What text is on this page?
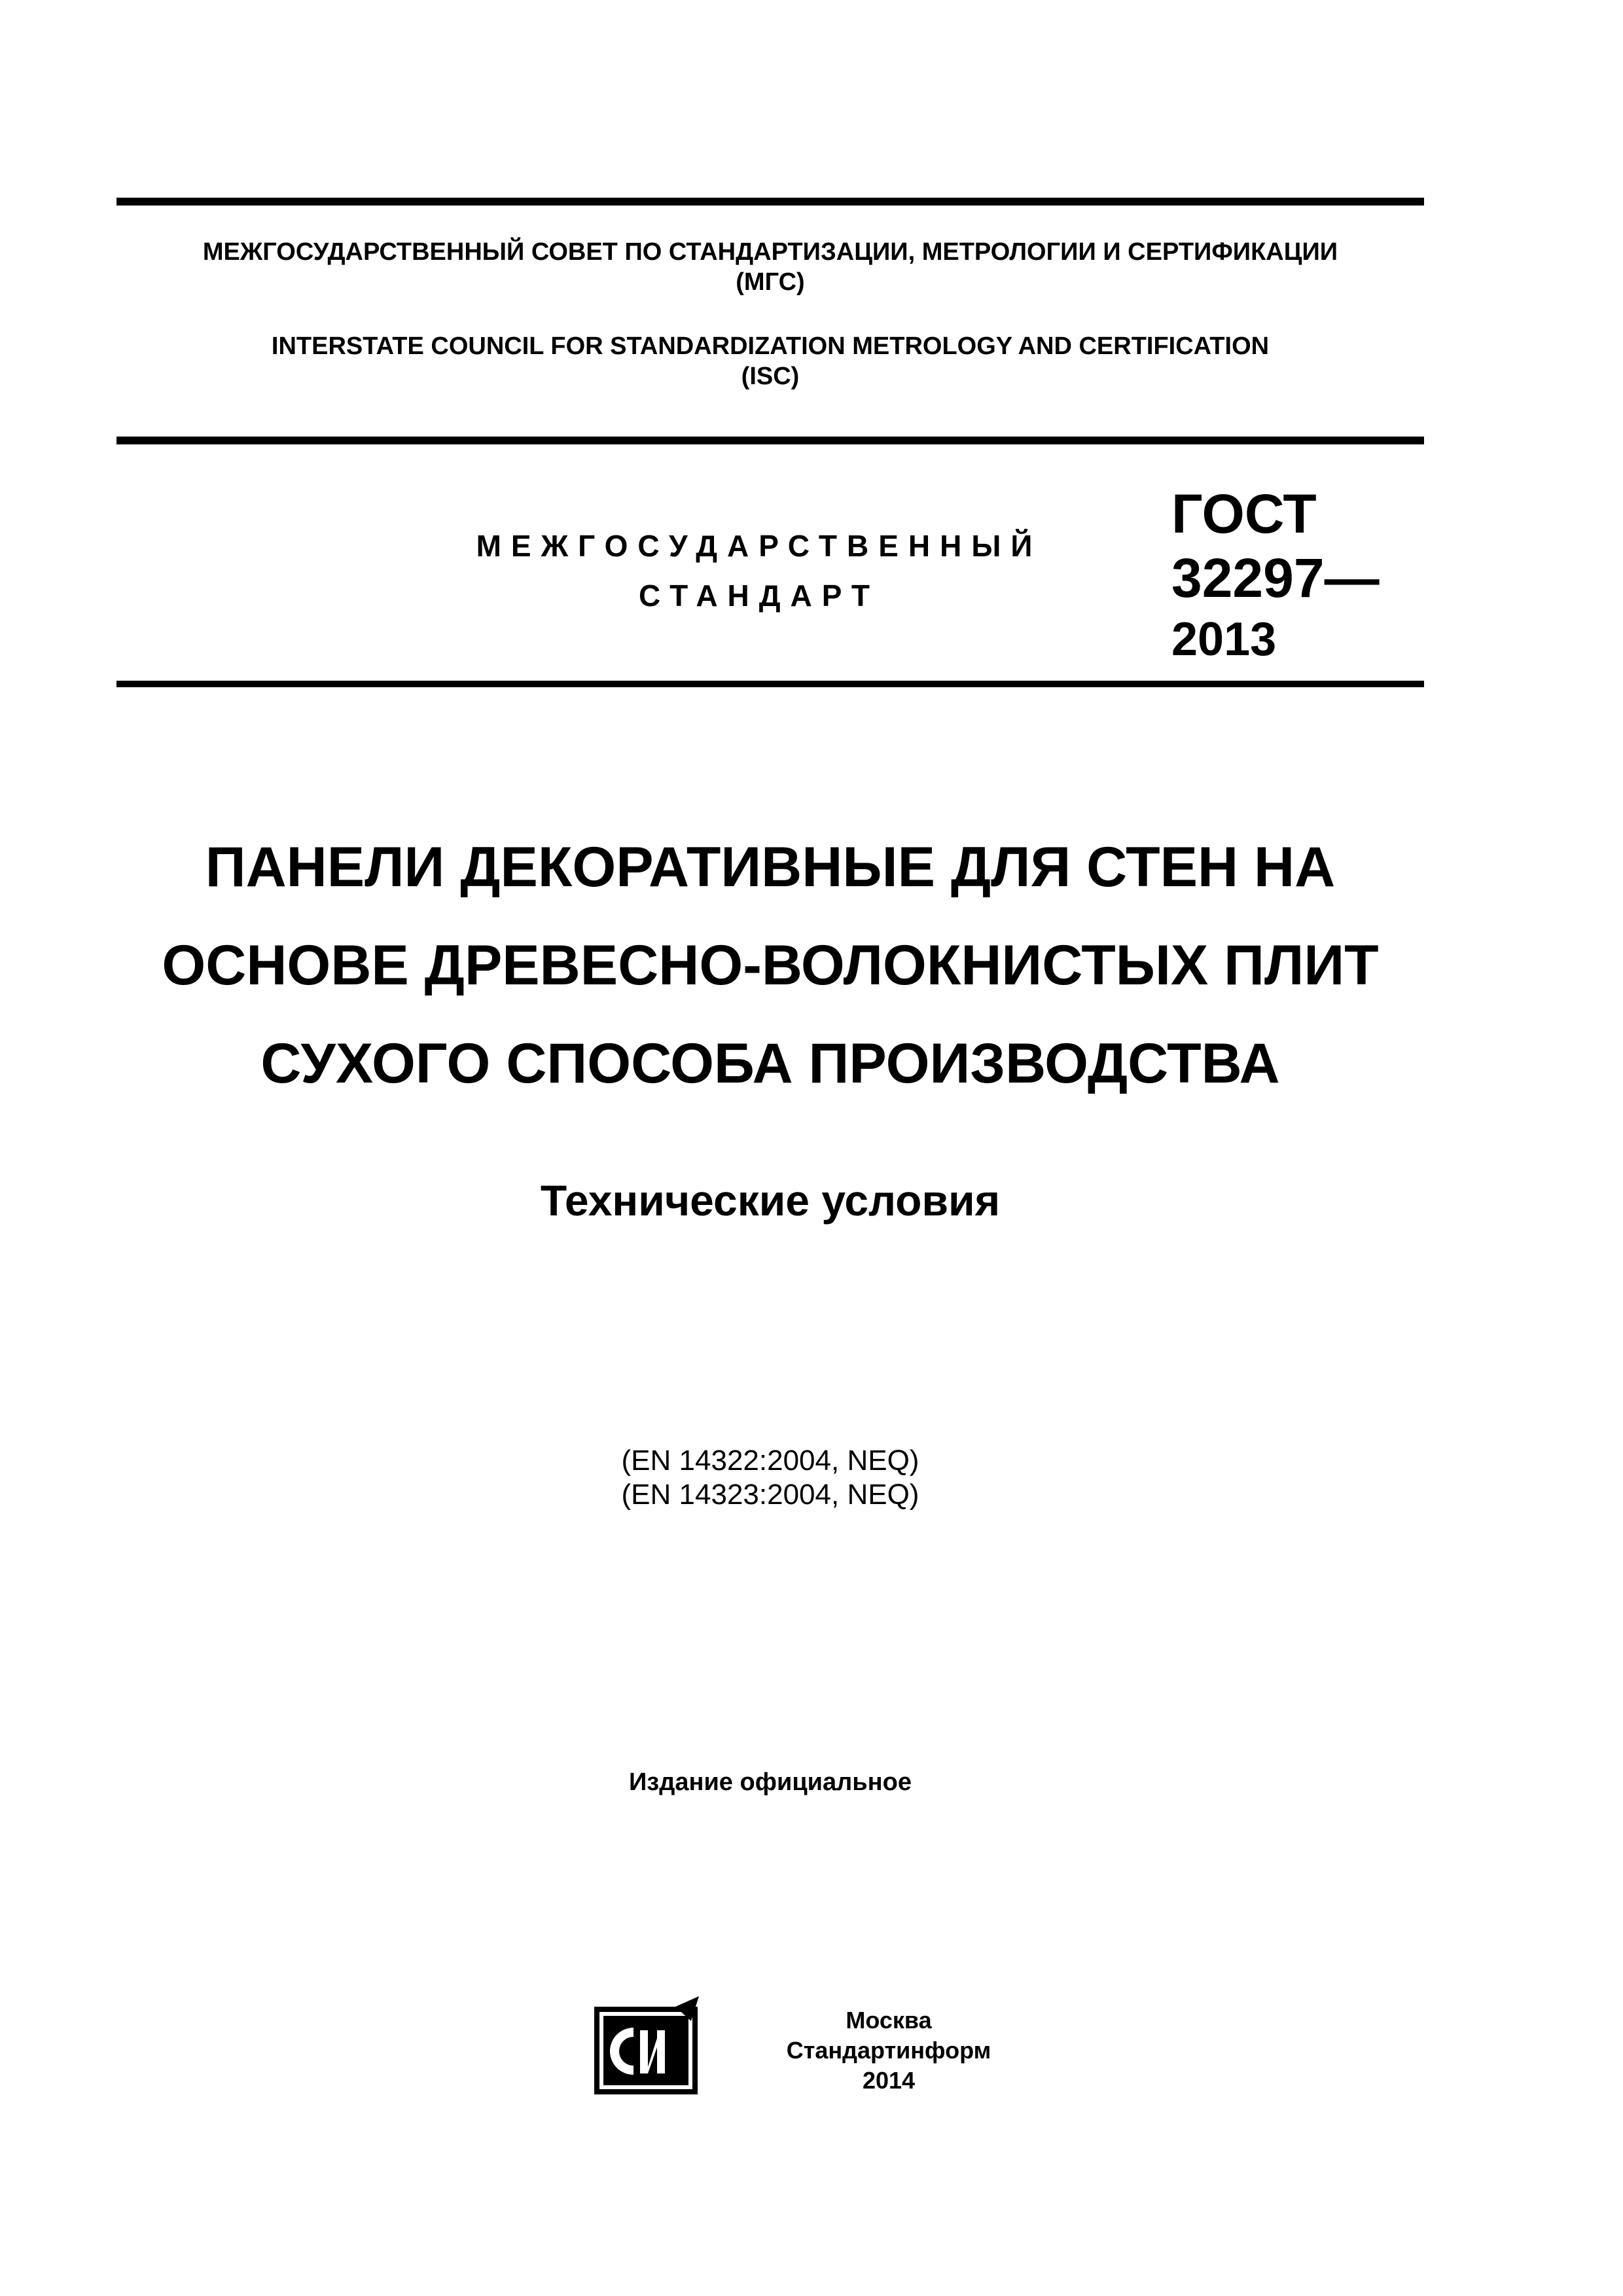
МЕЖГОСУДАРСТВЕННЫЙ СОВЕТ ПО СТАНДАРТИЗАЦИИ, МЕТРОЛОГИИ И СЕРТИФИКАЦИИ
(МГС)
INTERSTATE COUNCIL FOR STANDARDIZATION METROLOGY AND CERTIFICATION
(ISC)
МЕЖГОСУДАРСТВЕННЫЙ
СТАНДАРТ
ГОСТ
32297—
2013
ПАНЕЛИ ДЕКОРАТИВНЫЕ ДЛЯ СТЕН НА
ОСНОВЕ ДРЕВЕСНО-ВОЛОКНИСТЫХ ПЛИТ
СУХОГО СПОСОБА ПРОИЗВОДСТВА
Технические условия
(EN 14322:2004, NEQ)
(EN 14323:2004, NEQ)
Издание официальное
Москва
Стандартинформ
2014
